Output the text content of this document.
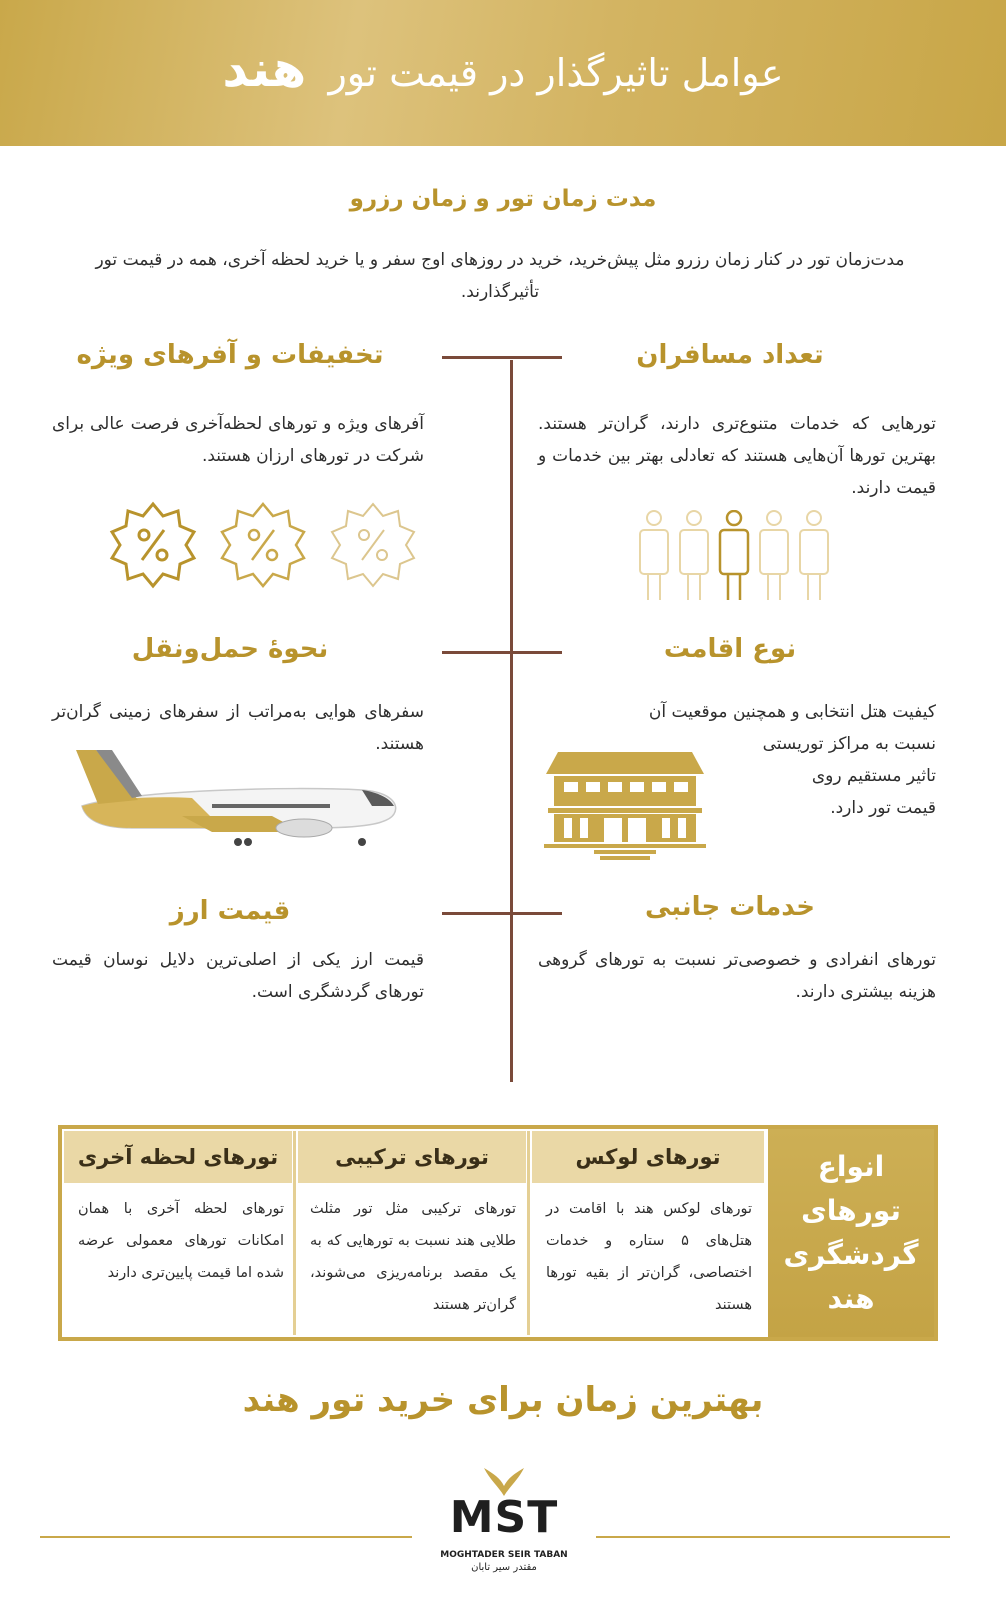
عوامل تاثیرگذار در قیمت تور هند
مدت زمان تور و زمان رزرو
مدت‌زمان تور در کنار زمان رزرو مثل پیش‌خرید، خرید در روزهای اوج سفر و یا خرید لحظه آخری، همه در قیمت تور تأثیرگذارند.
تعداد مسافران
تورهایی که خدمات متنوع‌تری دارند، گران‌تر هستند. بهترین تورها آن‌هایی هستند که تعادلی بهتر بین خدمات و قیمت دارند.
تخفیفات و آفرهای ویژه
آفرهای ویژه و تورهای لحظه‌آخری فرصت عالی برای شرکت در تورهای ارزان هستند.
نوع اقامت
کیفیت هتل انتخابی و همچنین موقعیت آن
نسبت به مراکز توریستی
تاثیر مستقیم روی
قیمت تور دارد.
نحوهٔ حمل‌ونقل
سفرهای هوایی به‌مراتب از سفرهای زمینی گران‌تر هستند.
خدمات جانبی
تورهای انفرادی و خصوصی‌تر نسبت به تورهای گروهی هزینه بیشتری دارند.
قیمت ارز
قیمت ارز یکی از اصلی‌ترین دلایل نوسان قیمت تورهای گردشگری است.
انواع
تورهای
گردشگری
هند
تورهای لوکس
تورهای لوکس هند با اقامت در هتل‌های ۵ ستاره و خدمات اختصاصی، گران‌تر از بقیه تورها هستند
تورهای ترکیبی
تورهای ترکیبی مثل تور مثلث طلایی هند نسبت به تورهایی که به یک مقصد برنامه‌ریزی می‌شوند، گران‌تر هستند
تورهای لحظه آخری
تورهای لحظه آخری با همان امکانات تورهای معمولی عرضه شده اما قیمت پایین‌تری دارند
بهترین زمان برای خرید تور هند
MST
MOGHTADER SEIR TABAN
مقتدر سیر تابان
